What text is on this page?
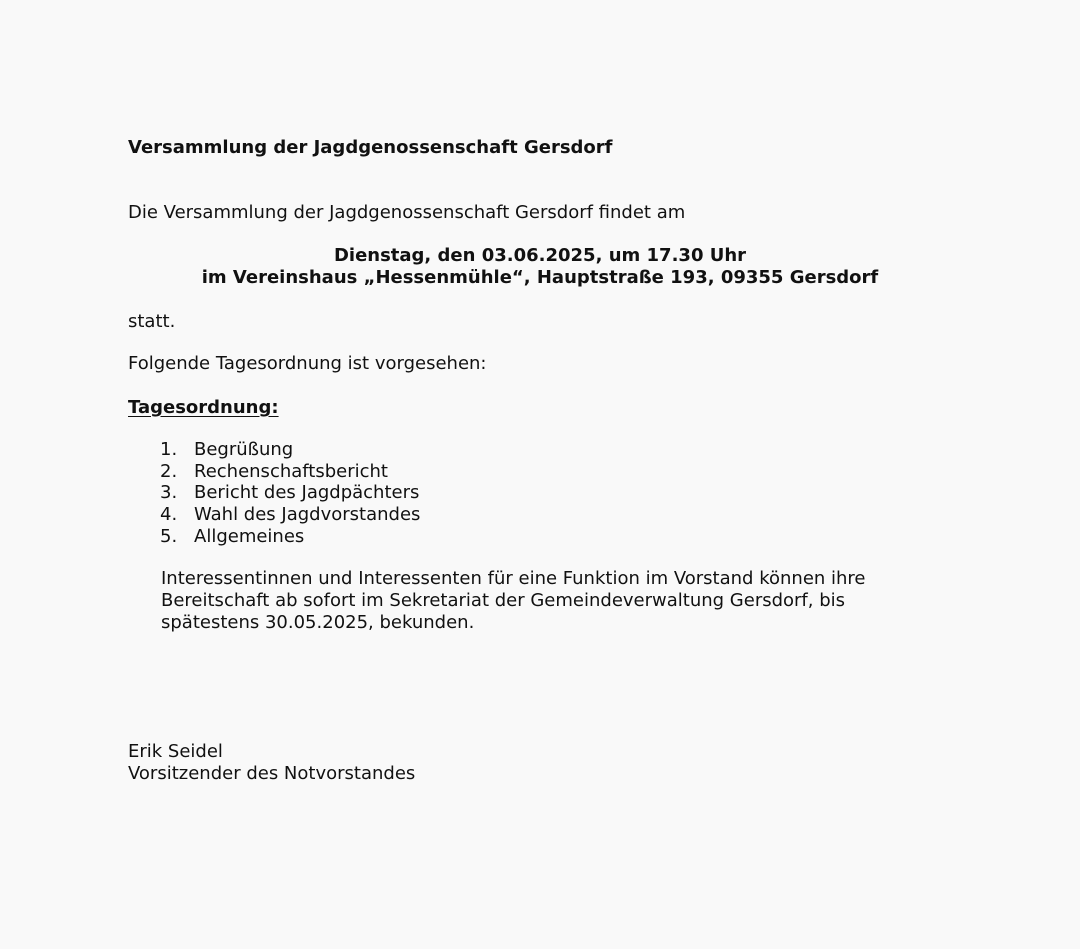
Versammlung der Jagdgenossenschaft Gersdorf
Die Versammlung der Jagdgenossenschaft Gersdorf findet am
Dienstag, den 03.06.2025, um 17.30 Uhr
im Vereinshaus „Hessenmühle“, Hauptstraße 193, 09355 Gersdorf
statt.
Folgende Tagesordnung ist vorgesehen:
Tagesordnung:
1. Begrüßung
2. Rechenschaftsbericht
3. Bericht des Jagdpächters
4. Wahl des Jagdvorstandes
5. Allgemeines
Interessentinnen und Interessenten für eine Funktion im Vorstand können ihre
Bereitschaft ab sofort im Sekretariat der Gemeindeverwaltung Gersdorf, bis
spätestens 30.05.2025, bekunden.
Erik Seidel
Vorsitzender des Notvorstandes
